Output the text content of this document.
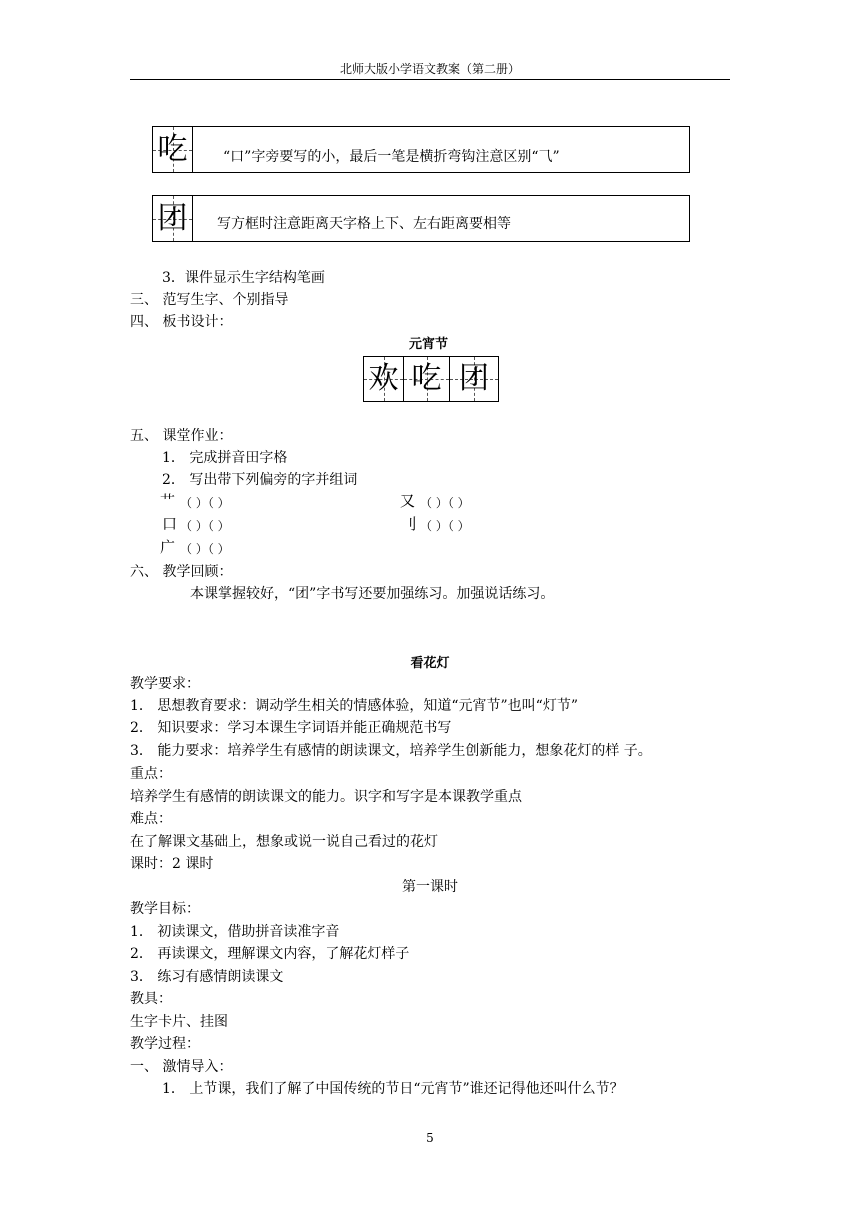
北师大版小学语文教案（第二册）
吃	“口”字旁要写的小，最后一笔是横折弯钩注意区别“⺄”
团	写方框时注意距离天字格上下、左右距离要相等
3．课件显示生字结构笔画
三、 范写生字、个别指导
四、 板书设计：
元宵节
欢 吃 团
五、 课堂作业：
1． 完成拼音田字格
2． 写出带下列偏旁的字并组词
艹 （ ）（ ）	又 （ ）（ ）
口 （ ）（ ）	刂 （ ）（ ）
广 （ ）（ ）
六、 教学回顾：
本课掌握较好，“团”字书写还要加强练习。加强说话练习。
看花灯
教学要求：
1． 思想教育要求：调动学生相关的情感体验，知道“元宵节”也叫“灯节”
2． 知识要求：学习本课生字词语并能正确规范书写
3． 能力要求：培养学生有感情的朗读课文，培养学生创新能力，想象花灯的样 子。
重点：
培养学生有感情的朗读课文的能力。识字和写字是本课教学重点
难点：
在了解课文基础上，想象或说一说自己看过的花灯
课时：2 课时
第一课时
教学目标：
1． 初读课文，借助拼音读准字音
2． 再读课文，理解课文内容，了解花灯样子
3． 练习有感情朗读课文
教具：
生字卡片、挂图
教学过程：
一、 激情导入：
1． 上节课，我们了解了中国传统的节日“元宵节”谁还记得他还叫什么节？
5
